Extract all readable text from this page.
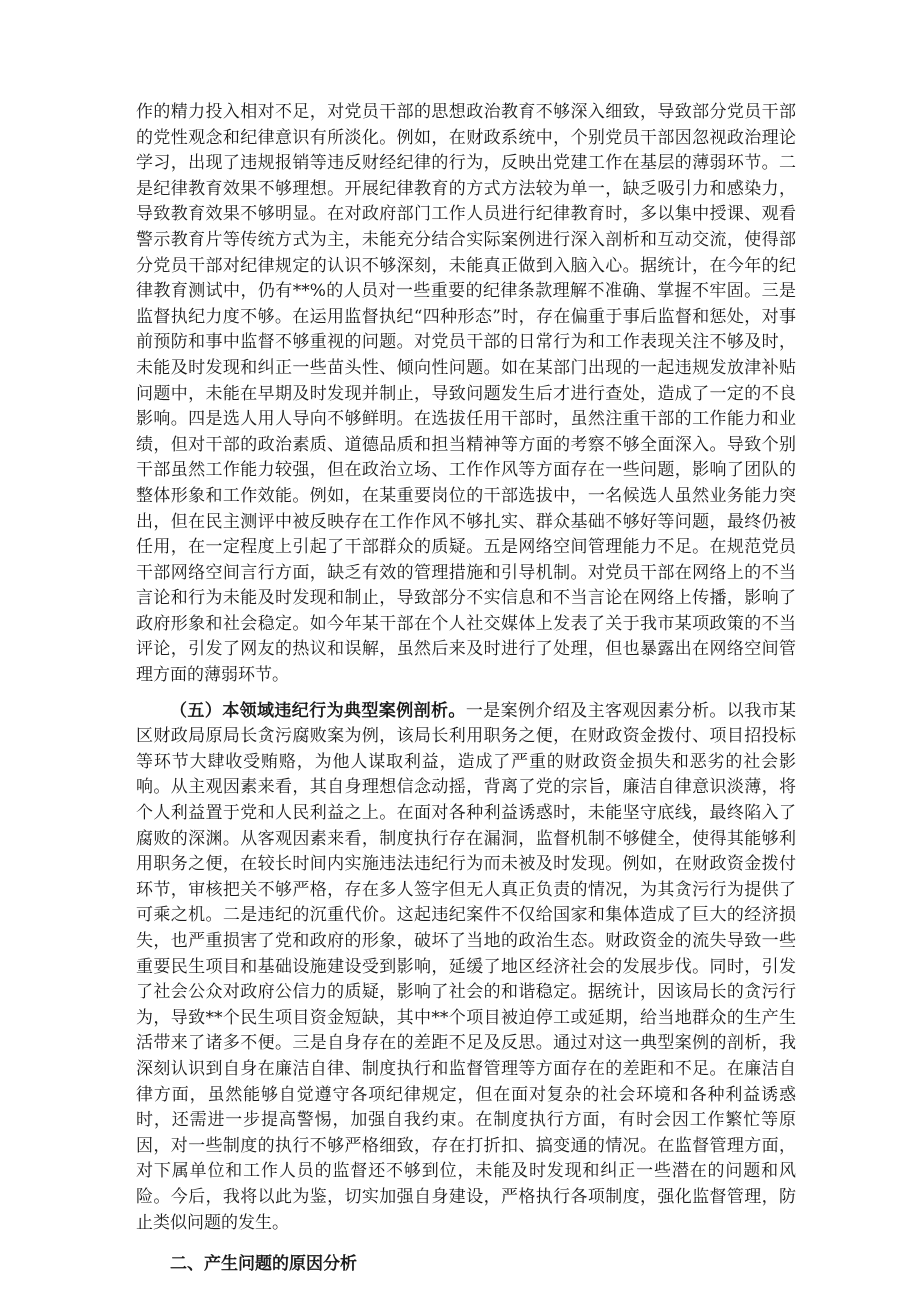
作的精力投入相对不足，对党员干部的思想政治教育不够深入细致，导致部分党员干部的党性观念和纪律意识有所淡化。例如，在财政系统中，个别党员干部因忽视政治理论学习，出现了违规报销等违反财经纪律的行为，反映出党建工作在基层的薄弱环节。二是纪律教育效果不够理想。开展纪律教育的方式方法较为单一，缺乏吸引力和感染力，导致教育效果不够明显。在对政府部门工作人员进行纪律教育时，多以集中授课、观看警示教育片等传统方式为主，未能充分结合实际案例进行深入剖析和互动交流，使得部分党员干部对纪律规定的认识不够深刻，未能真正做到入脑入心。据统计，在今年的纪律教育测试中，仍有**%的人员对一些重要的纪律条款理解不准确、掌握不牢固。三是监督执纪力度不够。在运用监督执纪“四种形态”时，存在偏重于事后监督和惩处，对事前预防和事中监督不够重视的问题。对党员干部的日常行为和工作表现关注不够及时，未能及时发现和纠正一些苗头性、倾向性问题。如在某部门出现的一起违规发放津补贴问题中，未能在早期及时发现并制止，导致问题发生后才进行查处，造成了一定的不良影响。四是选人用人导向不够鲜明。在选拔任用干部时，虽然注重干部的工作能力和业绩，但对干部的政治素质、道德品质和担当精神等方面的考察不够全面深入。导致个别干部虽然工作能力较强，但在政治立场、工作作风等方面存在一些问题，影响了团队的整体形象和工作效能。例如，在某重要岗位的干部选拔中，一名候选人虽然业务能力突出，但在民主测评中被反映存在工作作风不够扎实、群众基础不够好等问题，最终仍被任用，在一定程度上引起了干部群众的质疑。五是网络空间管理能力不足。在规范党员干部网络空间言行方面，缺乏有效的管理措施和引导机制。对党员干部在网络上的不当言论和行为未能及时发现和制止，导致部分不实信息和不当言论在网络上传播，影响了政府形象和社会稳定。如今年某干部在个人社交媒体上发表了关于我市某项政策的不当评论，引发了网友的热议和误解，虽然后来及时进行了处理，但也暴露出在网络空间管理方面的薄弱环节。

（五）本领域违纪行为典型案例剖析。一是案例介绍及主客观因素分析。以我市某区财政局原局长贪污腐败案为例，该局长利用职务之便，在财政资金拨付、项目招投标等环节大肆收受贿赂，为他人谋取利益，造成了严重的财政资金损失和恶劣的社会影响。从主观因素来看，其自身理想信念动摇，背离了党的宗旨，廉洁自律意识淡薄，将个人利益置于党和人民利益之上。在面对各种利益诱惑时，未能坚守底线，最终陷入了腐败的深渊。从客观因素来看，制度执行存在漏洞，监督机制不够健全，使得其能够利用职务之便，在较长时间内实施违法违纪行为而未被及时发现。例如，在财政资金拨付环节，审核把关不够严格，存在多人签字但无人真正负责的情况，为其贪污行为提供了可乘之机。二是违纪的沉重代价。这起违纪案件不仅给国家和集体造成了巨大的经济损失，也严重损害了党和政府的形象，破坏了当地的政治生态。财政资金的流失导致一些重要民生项目和基础设施建设受到影响，延缓了地区经济社会的发展步伐。同时，引发了社会公众对政府公信力的质疑，影响了社会的和谐稳定。据统计，因该局长的贪污行为，导致**个民生项目资金短缺，其中**个项目被迫停工或延期，给当地群众的生产生活带来了诸多不便。三是自身存在的差距不足及反思。通过对这一典型案例的剖析，我深刻认识到自身在廉洁自律、制度执行和监督管理等方面存在的差距和不足。在廉洁自律方面，虽然能够自觉遵守各项纪律规定，但在面对复杂的社会环境和各种利益诱惑时，还需进一步提高警惕，加强自我约束。在制度执行方面，有时会因工作繁忙等原因，对一些制度的执行不够严格细致，存在打折扣、搞变通的情况。在监督管理方面，对下属单位和工作人员的监督还不够到位，未能及时发现和纠正一些潜在的问题和风险。今后，我将以此为鉴，切实加强自身建设，严格执行各项制度，强化监督管理，防止类似问题的发生。

二、产生问题的原因分析
